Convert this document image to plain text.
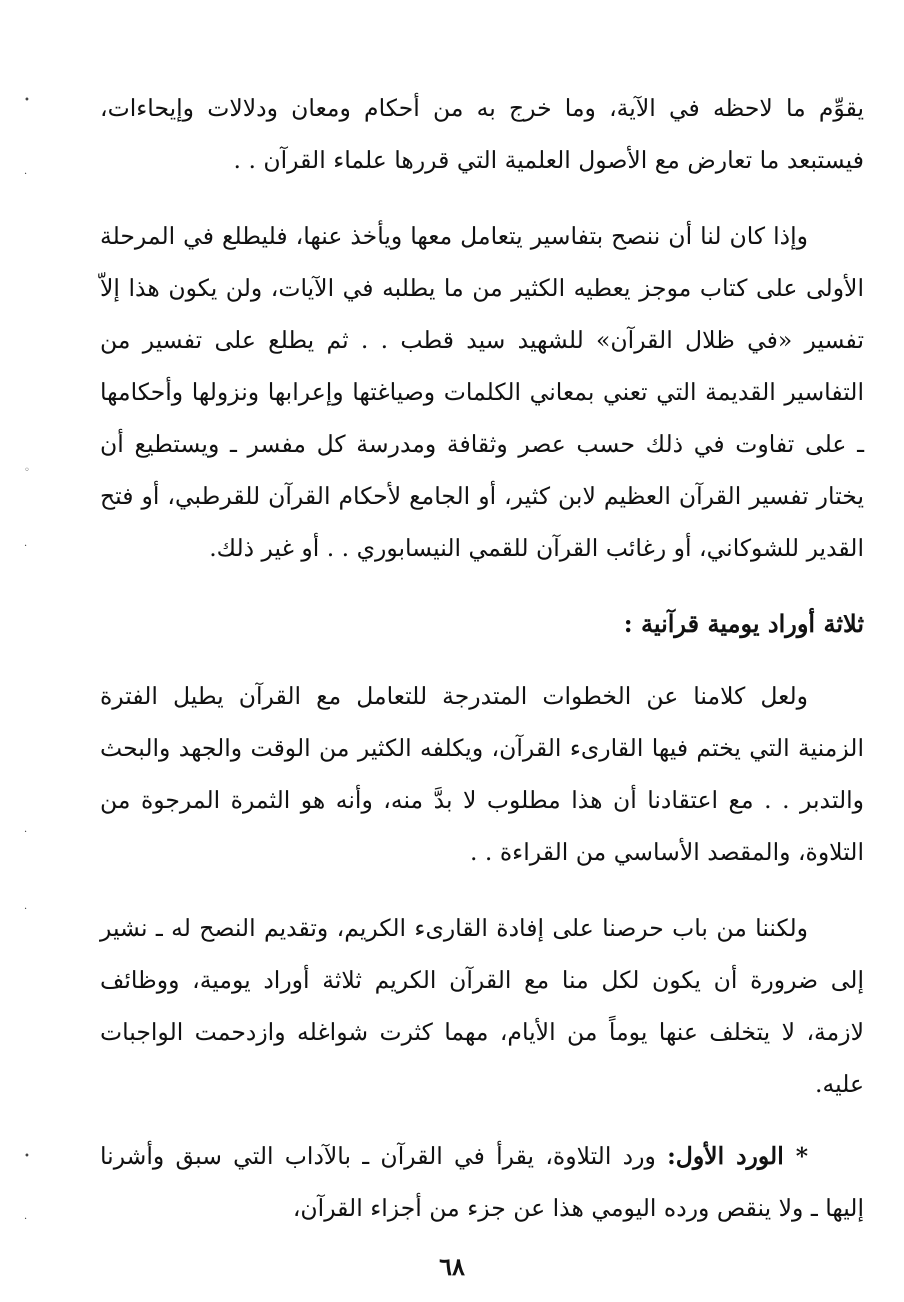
يقوِّم ما لاحظه في الآية، وما خرج به من أحكام ومعان ودلالات وإيحاءات، فيستبعد ما تعارض مع الأصول العلمية التي قررها علماء القرآن . .

وإذا كان لنا أن ننصح بتفاسير يتعامل معها ويأخذ عنها، فليطلع في المرحلة الأولى على كتاب موجز يعطيه الكثير من ما يطلبه في الآيات، ولن يكون هذا إلاّ تفسير «في ظلال القرآن» للشهيد سيد قطب . . ثم يطلع على تفسير من التفاسير القديمة التي تعني بمعاني الكلمات وصياغتها وإعرابها ونزولها وأحكامها ـ على تفاوت في ذلك حسب عصر وثقافة ومدرسة كل مفسر ـ ويستطيع أن يختار تفسير القرآن العظيم لابن كثير، أو الجامع لأحكام القرآن للقرطبي، أو فتح القدير للشوكاني، أو رغائب القرآن للقمي النيسابوري . . أو غير ذلك.

ثلاثة أوراد يومية قرآنية :

ولعل كلامنا عن الخطوات المتدرجة للتعامل مع القرآن يطيل الفترة الزمنية التي يختم فيها القارىء القرآن، ويكلفه الكثير من الوقت والجهد والبحث والتدبر . . مع اعتقادنا أن هذا مطلوب لا بدَّ منه، وأنه هو الثمرة المرجوة من التلاوة، والمقصد الأساسي من القراءة . .

ولكننا من باب حرصنا على إفادة القارىء الكريم، وتقديم النصح له ـ نشير إلى ضرورة أن يكون لكل منا مع القرآن الكريم ثلاثة أوراد يومية، ووظائف لازمة، لا يتخلف عنها يوماً من الأيام، مهما كثرت شواغله وازدحمت الواجبات عليه.

* الورد الأول: ورد التلاوة، يقرأ في القرآن ـ بالآداب التي سبق وأشرنا إليها ـ ولا ينقص ورده اليومي هذا عن جزء من أجزاء القرآن،

٦٨
•
·
◦
·
·
·
•
·
